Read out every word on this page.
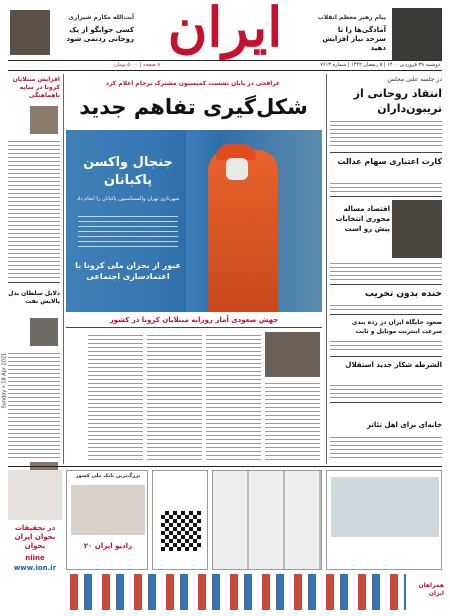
آیت‌الله مکارم شیرازی
کسی جوابگو از یک روحانی ردنمی شود ایران	پیام رهبر معظم انقلاب
آمادگی‌ها را تا سرحد نیاز افزایش دهید
دوشنبه ۲۹ فروردین ۱۴۰۰ | ۵ رمضان ۱۴۴۲ | شماره ۷۶۱۳
۸ صفحه | ۵۰۰۰ تومان
Sunday • 18 Apr 2021
افزایش مبتلایان کرونا در سایه ناهماهنگی
دلایل سلطان بدل پالایش نفت
عراقچی در پایان نشست کمیسیون مشترک برجام اعلام کرد
شکل‌گیری تفاهم جدید
جنجال واکسن پاکبانان
شهرداری تهران واکسیناسیون پاکبانان را انجام داد
عبور از بحران ملی کرونا با اعتمادسازی اجتماعی
جهش صعودی آمار روزانه مبتلایان کرونا در کشور
در جلسه علنی مجلس
انتقاد روحانی از تریبون‌داران
کارت اعتباری سهام عدالت
اقتصاد مساله محوری انتخابات پیش رو است
خنده بدون تخریب
صعود جایگاه ایران در رده بندی سرعت اینترنت موبایل و ثابت
الشرطه شکار جدید استقلال
خانه‌ای برای اهل تئاتر
بزرگ‌ترین بانک ملی کشور
رادیو ایران ۲۰
در تحقیقات بخوان ایران بخوان
niine
www.ion.ir
همراهان ایران
